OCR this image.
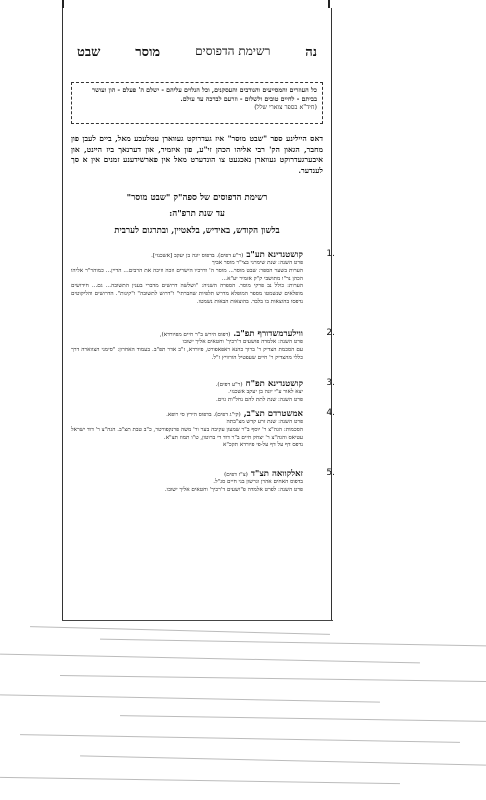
נה
רשימת הדפוסים
מוסר
שבט
כל העוזרים והמסייעים והנודבים והעסקנים, וכל הנלוים עליהם - ישלם ה' פעלם - הון ועושר בביתם - לחיים טובים ולשלום - וזרעם לברכה עד עולם.
(חיד"א בספר צוארי שלל)
דאס היילינע ספר "שבט מוסר" איז געדרוקט געווארן עטלעכע מאל, ביים לעבן פון מחבר, הגאון הק' רבי אליהו הכהן זי"ע, פון איזמיר, און דערנאך ביז היינט, און איבערגעדרוקט געווארן נאכגעט צו הונדערט מאל אין פארשידענע זמנים אין א סך לענדער.
רשימת הדפוסים של ספה"ק "שבט מוסר"
עד שנת תרפ"ה:
בלשון הקודש, באידיש, בלאטיין, ובתרגום לערבית
1.
קושטנדינא תע"ב (ר"ע דפים). בדפוס יונה בן יעקב [אשכנזי].
פרט השנה: שנת שימרני בצי"ר מוסר אביך
הערות בשער הספר: שבט מוסר... מוסר ה' ודרכיו הישרים וזכה וזיכה את הרבים... הדיין... כמוהר"ר אליהו הכהן נר"ו מתושבי ק"ק אזמיר יע"א...
הערות: כולל נב פרקי מוסר. הספרה השניה: "ושלשה דרושים מדברי בענין התשובה... גם... חידושים מופלאים שנשמטו מספר המופלא מדרש תלפיות שחברתי" ו"דרוש לתשובה" ו"קינות". הדרושים והליקוטים נדפסו בהוצאות בו בלבד. בהוצאות הבאות נשמטו.
2.
ווילערמשדורף תפ"ב. (דפוס הירש ב"ר חיים מפיורדא),
פרט השנה: אלמדה פושעים ד'רכיך' וחטאים אליך ישובו
עם הסכמת הצדיק ר' ברוך כהנא ראפאפורט, פיורדא, ז"ב אדר תפ"ב. בעמוד האחרון: "סימני הצווארה דרך כללי מהצדיק ר' חיים שעפטיל הורוויץ ז"ל.
3.
קושטנדינא תפ"ח (ר"ע דפים).
יצא לאור ע"י יונה בן יעקב אשכנזי.
פרט השנה: שנת לתת להם נחל"ות גוים.
4.
אמשטרדם תצ"ב, (קי"ג דפים). בדפוס הירץ סי רופא.
פרט השנה: שנת זרע קדש מצ"בתה
הסכמות: הגה"צ ר' יוסף ב"ר שמעון עקיבה בער ור' משה פרנקפורטר, כ"ב טבת תצ"ב. הגה"צ ר' דוד ישראל עטיאס והגה"צ ר' יצחק חיים ב"ר דוד די ברוטון, ט"ו תמוז תצ"א.
נדפס דף על דף על-פי פיורדא תקכ"א
5.
זאלקוואה תצ"ד (צ"ז דפים)
בדפוס האחים אהרן וגרשון בני חיים סג"ל.
פרט השנה: לפרט אלמדה פ"ושעים ד'רכיך' וחטאים אליך ישובו.
